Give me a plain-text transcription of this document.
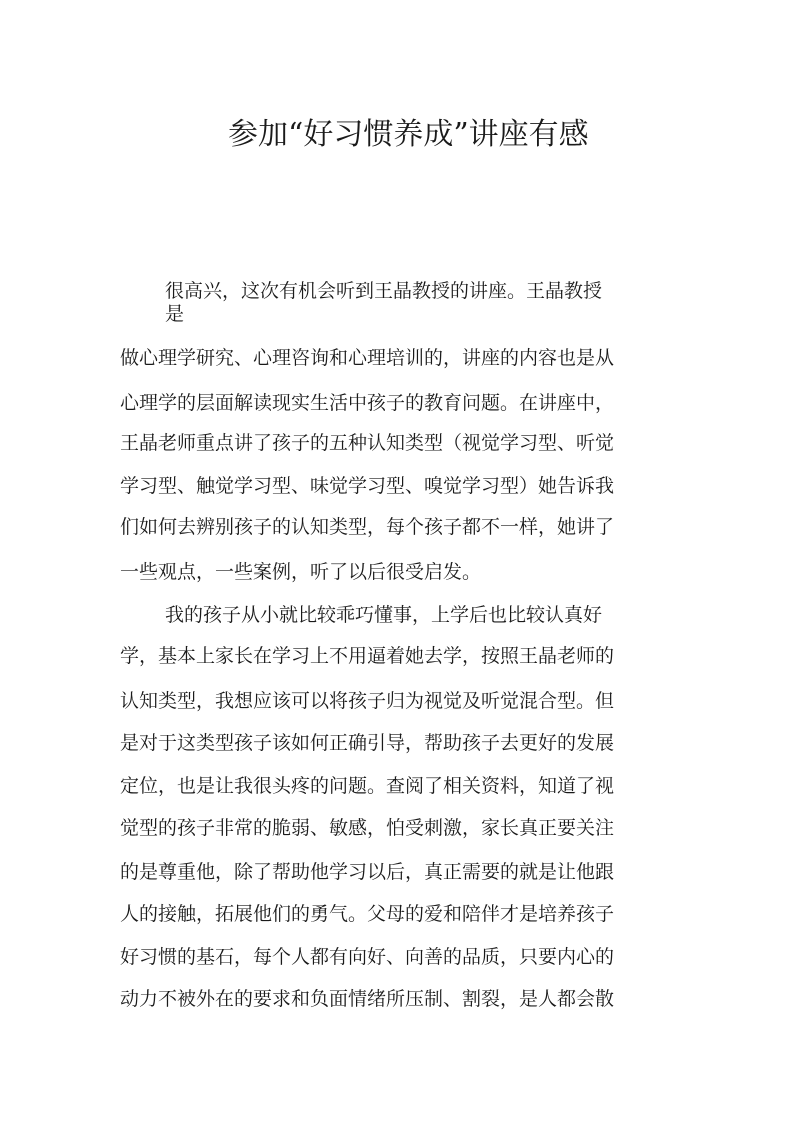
参加“好习惯养成”讲座有感

很高兴，这次有机会听到王晶教授的讲座。王晶教授

是

做心理学研究、心理咨询和心理培训的，讲座的内容也是从

心理学的层面解读现实生活中孩子的教育问题。在讲座中，

王晶老师重点讲了孩子的五种认知类型（视觉学习型、听觉

学习型、触觉学习型、味觉学习型、嗅觉学习型）她告诉我

们如何去辨别孩子的认知类型，每个孩子都不一样，她讲了

一些观点，一些案例，听了以后很受启发。

我的孩子从小就比较乖巧懂事，上学后也比较认真好

学，基本上家长在学习上不用逼着她去学，按照王晶老师的

认知类型，我想应该可以将孩子归为视觉及听觉混合型。但

是对于这类型孩子该如何正确引导，帮助孩子去更好的发展

定位，也是让我很头疼的问题。查阅了相关资料，知道了视

觉型的孩子非常的脆弱、敏感，怕受刺激，家长真正要关注

的是尊重他，除了帮助他学习以后，真正需要的就是让他跟

人的接触，拓展他们的勇气。父母的爱和陪伴才是培养孩子

好习惯的基石，每个人都有向好、向善的品质，只要内心的

动力不被外在的要求和负面情绪所压制、割裂，是人都会散
